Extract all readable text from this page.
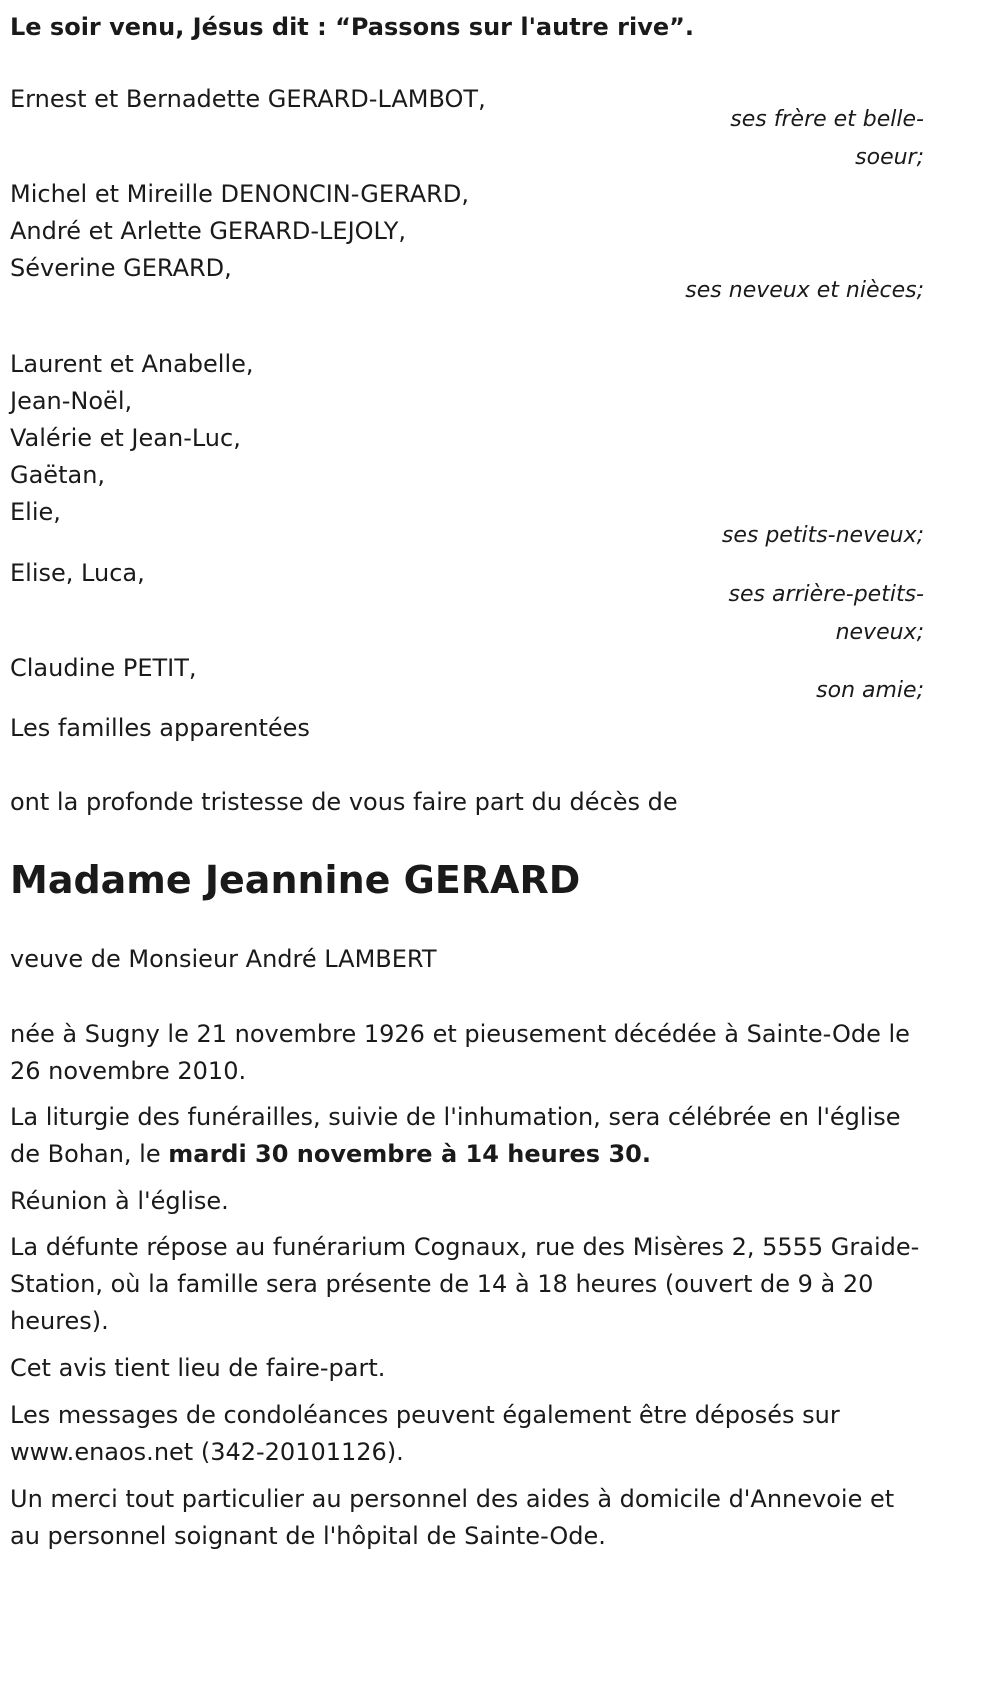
Le soir venu, Jésus dit : “Passons sur l'autre rive”.
Ernest et Bernadette GERARD-LAMBOT,
ses frère et belle-soeur;
Michel et Mireille DENONCIN-GERARD,
André et Arlette GERARD-LEJOLY,
Séverine GERARD,
ses neveux et nièces;
Laurent et Anabelle,
Jean-Noël,
Valérie et Jean-Luc,
Gaëtan,
Elie,
ses petits-neveux;
Elise, Luca,
ses arrière-petits-neveux;
Claudine PETIT,
son amie;
Les familles apparentées
ont la profonde tristesse de vous faire part du décès de
Madame Jeannine GERARD
veuve de Monsieur André LAMBERT
née à Sugny le 21 novembre 1926 et pieusement décédée à Sainte-Ode le 26 novembre 2010.
La liturgie des funérailles, suivie de l'inhumation, sera célébrée en l'église de Bohan, le mardi 30 novembre à 14 heures 30.
Réunion à l'église.
La défunte répose au funérarium Cognaux, rue des Misères 2, 5555 Graide-Station, où la famille sera présente de 14 à 18 heures (ouvert de 9 à 20 heures).
Cet avis tient lieu de faire-part.
Les messages de condoléances peuvent également être déposés sur www.enaos.net (342-20101126).
Un merci tout particulier au personnel des aides à domicile d'Annevoie et au personnel soignant de l'hôpital de Sainte-Ode.
